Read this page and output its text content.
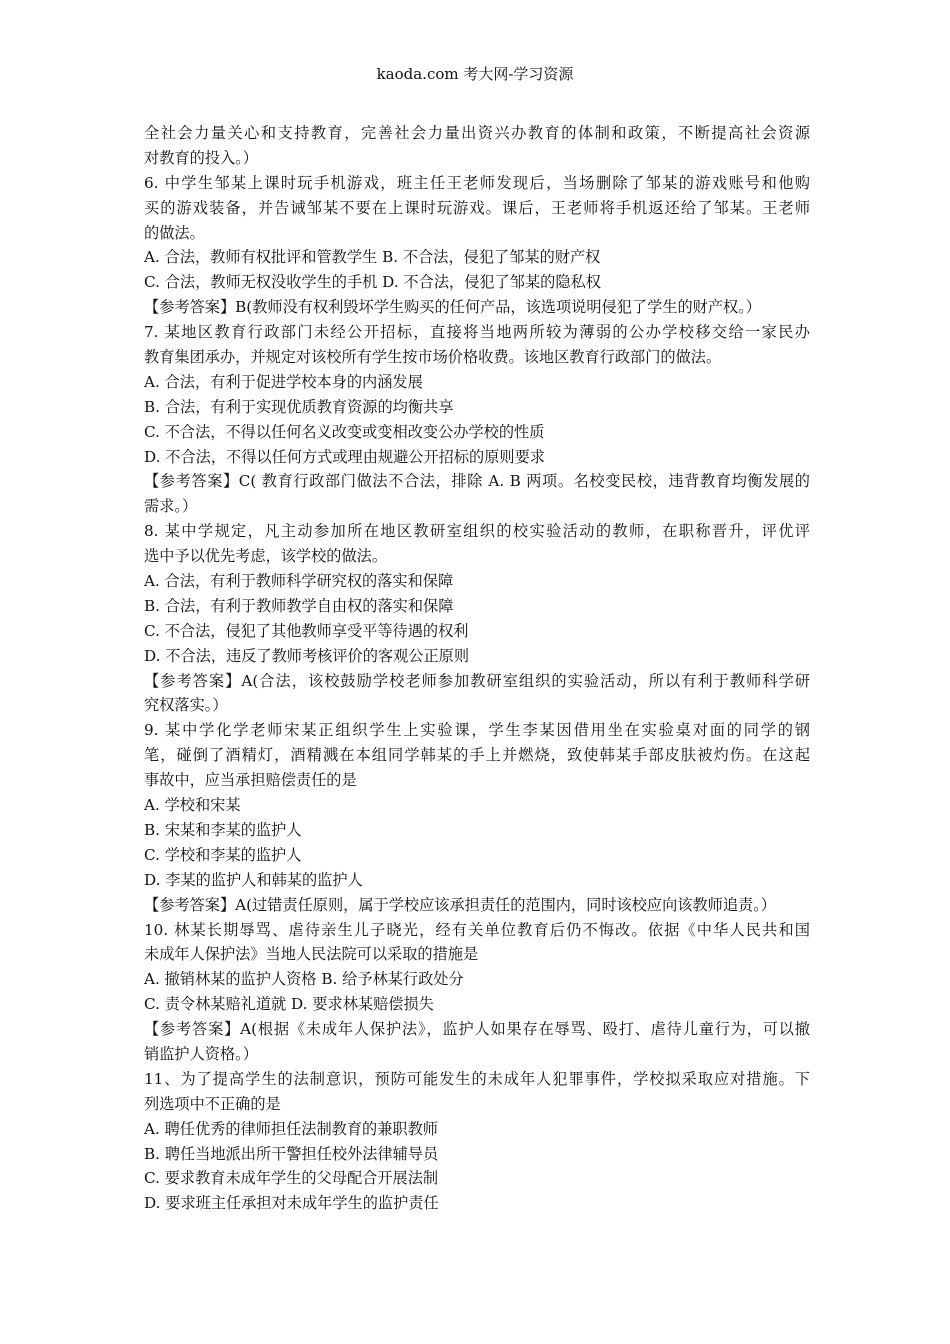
kaoda.com 考大网-学习资源
全社会力量关心和支持教育，完善社会力量出资兴办教育的体制和政策，不断提高社会资源
对教育的投入。）
6. 中学生邹某上课时玩手机游戏，班主任王老师发现后，当场删除了邹某的游戏账号和他购
买的游戏装备，并告诫邹某不要在上课时玩游戏。课后，王老师将手机返还给了邹某。王老师
的做法。
A. 合法，教师有权批评和管教学生 B. 不合法，侵犯了邹某的财产权
C. 合法，教师无权没收学生的手机 D. 不合法，侵犯了邹某的隐私权
【参考答案】B(教师没有权利毁坏学生购买的任何产品，该选项说明侵犯了学生的财产权。）
7. 某地区教育行政部门未经公开招标，直接将当地两所较为薄弱的公办学校移交给一家民办
教育集团承办，并规定对该校所有学生按市场价格收费。该地区教育行政部门的做法。
A. 合法，有利于促进学校本身的内涵发展
B. 合法，有利于实现优质教育资源的均衡共享
C. 不合法，不得以任何名义改变或变相改变公办学校的性质
D. 不合法，不得以任何方式或理由规避公开招标的原则要求
【参考答案】C( 教育行政部门做法不合法，排除 A. B 两项。名校变民校，违背教育均衡发展的
需求。）
8. 某中学规定，凡主动参加所在地区教研室组织的校实验活动的教师，在职称晋升，评优评
选中予以优先考虑，该学校的做法。
A. 合法，有利于教师科学研究权的落实和保障
B. 合法，有利于教师教学自由权的落实和保障
C. 不合法，侵犯了其他教师享受平等待遇的权利
D. 不合法，违反了教师考核评价的客观公正原则
【参考答案】A(合法，该校鼓励学校老师参加教研室组织的实验活动，所以有利于教师科学研
究权落实。）
9. 某中学化学老师宋某正组织学生上实验课，学生李某因借用坐在实验桌对面的同学的钢
笔，碰倒了酒精灯，酒精溅在本组同学韩某的手上并燃烧，致使韩某手部皮肤被灼伤。在这起
事故中，应当承担赔偿责任的是
A. 学校和宋某
B. 宋某和李某的监护人
C. 学校和李某的监护人
D. 李某的监护人和韩某的监护人
【参考答案】A(过错责任原则，属于学校应该承担责任的范围内，同时该校应向该教师追责。）
10. 林某长期辱骂、虐待亲生儿子晓光，经有关单位教育后仍不悔改。依据《中华人民共和国
未成年人保护法》当地人民法院可以采取的措施是
A. 撤销林某的监护人资格 B. 给予林某行政处分
C. 责令林某赔礼道就 D. 要求林某赔偿损失
【参考答案】A(根据《未成年人保护法》，监护人如果存在辱骂、殴打、虐待儿童行为，可以撤
销监护人资格。）
11、为了提高学生的法制意识，预防可能发生的未成年人犯罪事件，学校拟采取应对措施。下
列选项中不正确的是
A. 聘任优秀的律师担任法制教育的兼职教师
B. 聘任当地派出所干警担任校外法律辅导员
C. 要求教育未成年学生的父母配合开展法制
D. 要求班主任承担对未成年学生的监护责任
